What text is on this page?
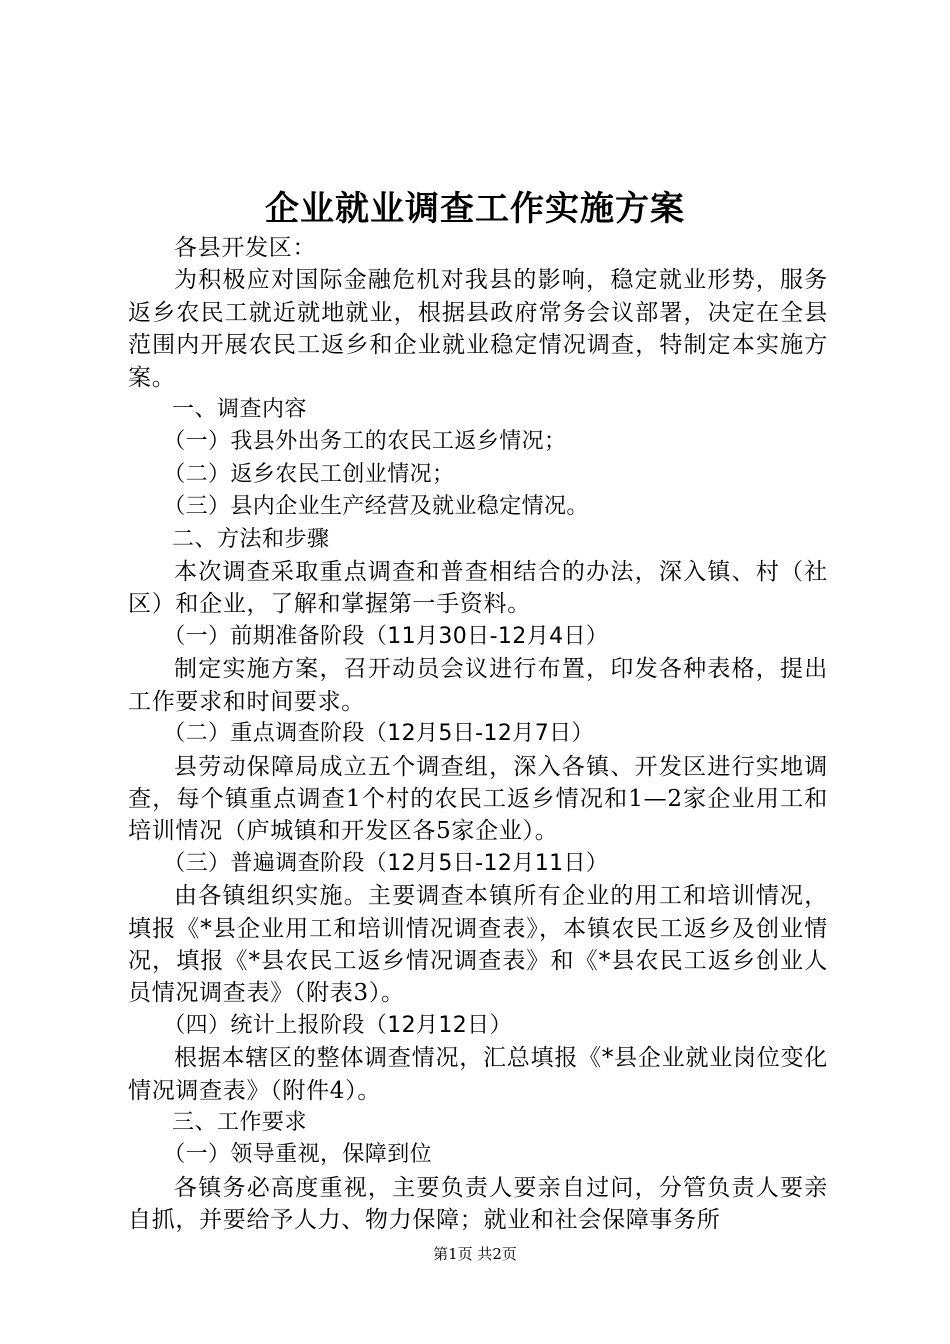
企业就业调查工作实施方案

各县开发区：

为积极应对国际金融危机对我县的影响，稳定就业形势，服务返乡农民工就近就地就业，根据县政府常务会议部署，决定在全县范围内开展农民工返乡和企业就业稳定情况调查，特制定本实施方案。

一、调查内容

（一）我县外出务工的农民工返乡情况；

（二）返乡农民工创业情况；

（三）县内企业生产经营及就业稳定情况。

二、方法和步骤

本次调查采取重点调查和普查相结合的办法，深入镇、村（社区）和企业，了解和掌握第一手资料。

（一）前期准备阶段（11月30日-12月4日）

制定实施方案，召开动员会议进行布置，印发各种表格，提出工作要求和时间要求。

（二）重点调查阶段（12月5日-12月7日）

县劳动保障局成立五个调查组，深入各镇、开发区进行实地调查，每个镇重点调查1个村的农民工返乡情况和1—2家企业用工和培训情况（庐城镇和开发区各5家企业）。

（三）普遍调查阶段（12月5日-12月11日）

由各镇组织实施。主要调查本镇所有企业的用工和培训情况，填报《*县企业用工和培训情况调查表》，本镇农民工返乡及创业情况，填报《*县农民工返乡情况调查表》和《*县农民工返乡创业人员情况调查表》（附表3）。

（四）统计上报阶段（12月12日）

根据本辖区的整体调查情况，汇总填报《*县企业就业岗位变化情况调查表》（附件4）。

三、工作要求

（一）领导重视，保障到位

各镇务必高度重视，主要负责人要亲自过问，分管负责人要亲自抓，并要给予人力、物力保障；就业和社会保障事务所

第1页 共2页
